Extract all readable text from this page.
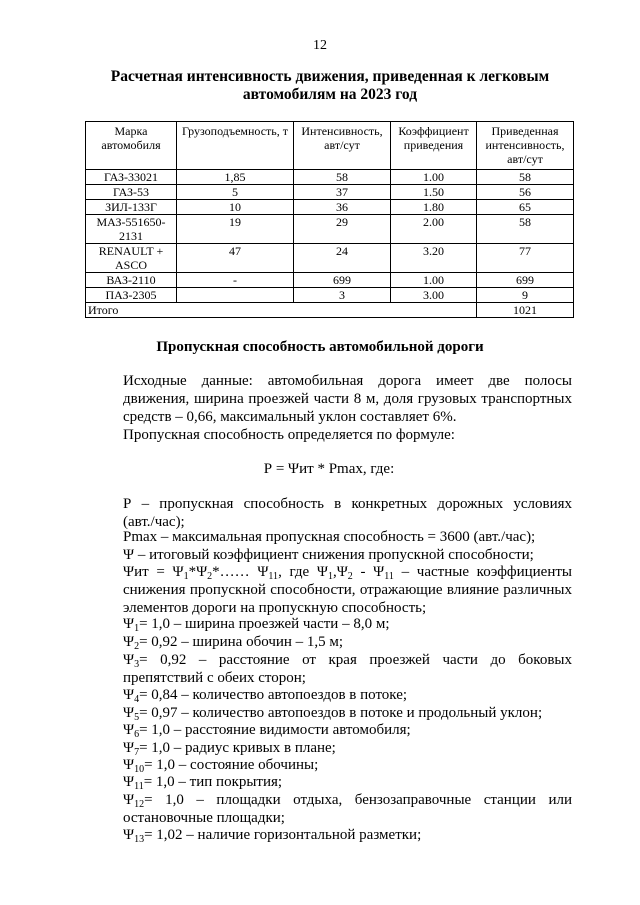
12
Расчетная интенсивность движения, приведенная к легковым
автомобилям на 2023 год
Марка автомобиля	Грузоподъемность, т	Интенсивность, авт/сут	Коэффициент приведения	Приведенная интенсивность, авт/сут
ГАЗ-33021	1,85	58	1.00	58
ГАЗ-53	5	37	1.50	56
ЗИЛ-133Г	10	36	1.80	65
МАЗ-551650-2131	19	29	2.00	58
RENAULT + ASCO	47	24	3.20	77
ВАЗ-2110	-	699	1.00	699
ПАЗ-2305		3	3.00	9
Итого				1021
Пропускная способность автомобильной дороги
Исходные данные: автомобильная дорога имеет две полосы
движения, ширина проезжей части 8 м, доля грузовых транспортных
средств – 0,66, максимальный уклон составляет 6%.
Пропускная способность определяется по формуле:
Р = Ψит * Pmax, где:
Р – пропускная способность в конкретных дорожных условиях
(авт./час);
Pmax – максимальная пропускная способность = 3600 (авт./час);
Ψ – итоговый коэффициент снижения пропускной способности;
$\Psi ит = \Psi_1*\Psi_2*\dots\dots$ $\Psi_{11}$, где $\Psi_1,\Psi_2 - \Psi_{11}$ – частные коэффициенты
снижения пропускной способности, отражающие влияние различных
элементов дороги на пропускную способность;
$\Psi_1= 1,0$ – ширина проезжей части – 8,0 м;
$\Psi_2= 0,92$ – ширина обочин – 1,5 м;
$\Psi_3= 0,92$ – расстояние от края проезжей части до боковых
препятствий с обеих сторон;
$\Psi_4= 0,84$ – количество автопоездов в потоке;
$\Psi_5= 0,97$ – количество автопоездов в потоке и продольный уклон;
$\Psi_6= 1,0$ – расстояние видимости автомобиля;
$\Psi_7= 1,0$ – радиус кривых в плане;
$\Psi_{10}= 1,0$ – состояние обочины;
$\Psi_{11}= 1,0$ – тип покрытия;
$\Psi_{12}= 1,0$ – площадки отдыха, бензозаправочные станции или
остановочные площадки;
$\Psi_{13}= 1,02$ – наличие горизонтальной разметки;
